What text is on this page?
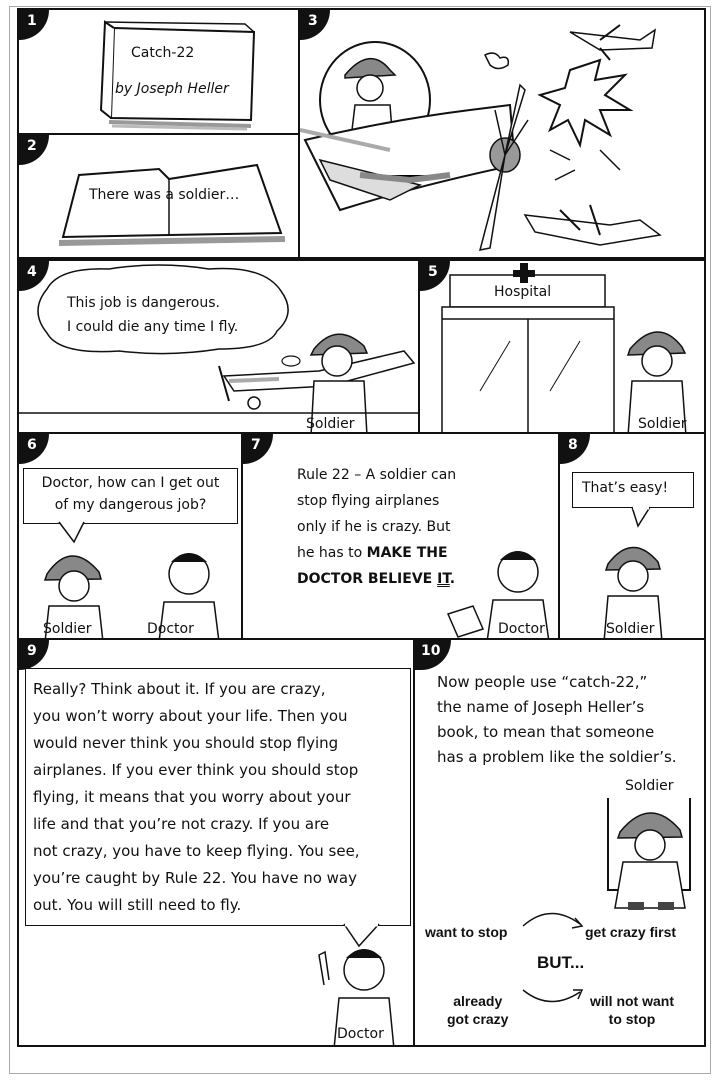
1
Catch-22
by Joseph Heller
2
There was a soldier…
3
4
This job is dangerous.
I could die any time I fly.
Soldier
5
Hospital
Soldier
6
Doctor, how can I get out
of my dangerous job?
Soldier	Doctor
7
Rule 22 – A soldier can
stop flying airplanes
only if he is crazy. But
he has to MAKE THE
DOCTOR BELIEVE IT.
Doctor
8
That’s easy!
Soldier
9
Really? Think about it. If you are crazy,
you won’t worry about your life. Then you
would never think you should stop flying
airplanes. If you ever think you should stop
flying, it means that you worry about your
life and that you’re not crazy. If you are
not crazy, you have to keep flying. You see,
you’re caught by Rule 22. You have no way
out. You will still need to fly.
Doctor
10
Now people use “catch-22,”
the name of Joseph Heller’s
book, to mean that someone
has a problem like the soldier’s.
Soldier
want to stop	get crazy first
BUT...
already
got crazy
will not want
to stop
